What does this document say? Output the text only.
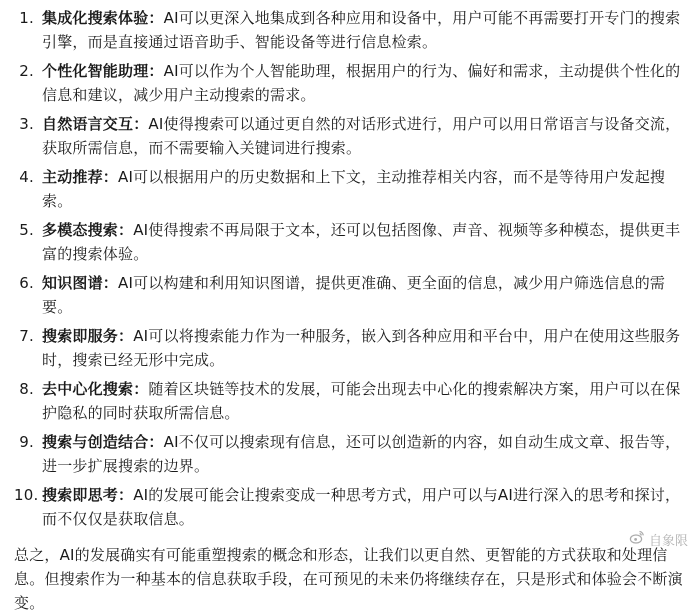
1. 集成化搜索体验：AI可以更深入地集成到各种应用和设备中，用户可能不再需要打开专门的搜索引擎，而是直接通过语音助手、智能设备等进行信息检索。
2. 个性化智能助理：AI可以作为个人智能助理，根据用户的行为、偏好和需求，主动提供个性化的信息和建议，减少用户主动搜索的需求。
3. 自然语言交互：AI使得搜索可以通过更自然的对话形式进行，用户可以用日常语言与设备交流，获取所需信息，而不需要输入关键词进行搜索。
4. 主动推荐：AI可以根据用户的历史数据和上下文，主动推荐相关内容，而不是等待用户发起搜索。
5. 多模态搜索：AI使得搜索不再局限于文本，还可以包括图像、声音、视频等多种模态，提供更丰富的搜索体验。
6. 知识图谱：AI可以构建和利用知识图谱，提供更准确、更全面的信息，减少用户筛选信息的需要。
7. 搜索即服务：AI可以将搜索能力作为一种服务，嵌入到各种应用和平台中，用户在使用这些服务时，搜索已经无形中完成。
8. 去中心化搜索：随着区块链等技术的发展，可能会出现去中心化的搜索解决方案，用户可以在保护隐私的同时获取所需信息。
9. 搜索与创造结合：AI不仅可以搜索现有信息，还可以创造新的内容，如自动生成文章、报告等，进一步扩展搜索的边界。
10. 搜索即思考：AI的发展可能会让搜索变成一种思考方式，用户可以与AI进行深入的思考和探讨，而不仅仅是获取信息。

总之，AI的发展确实有可能重塑搜索的概念和形态，让我们以更自然、更智能的方式获取和处理信息。但搜索作为一种基本的信息获取手段，在可预见的未来仍将继续存在，只是形式和体验会不断演变。

自象限
